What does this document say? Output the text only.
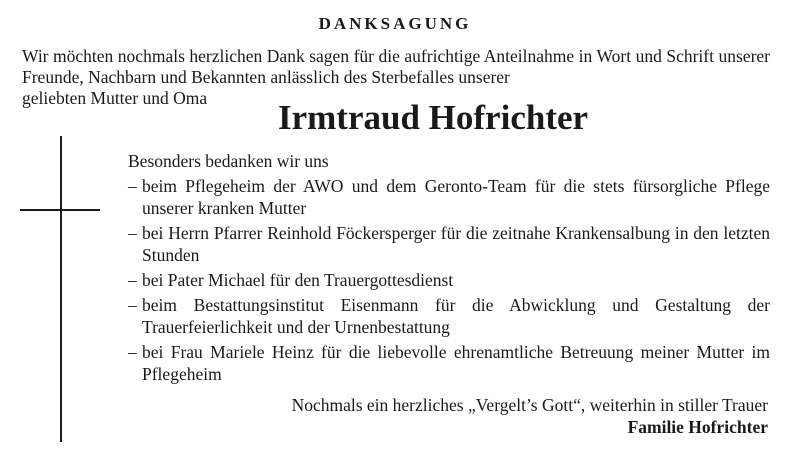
DANKSAGUNG
Wir möchten nochmals herzlichen Dank sagen für die aufrichtige Anteilnahme in Wort und Schrift unserer Freunde, Nachbarn und Bekannten anlässlich des Sterbefalles unserer
geliebten Mutter und Oma Irmtraud Hofrichter

Besonders bedanken wir uns

– beim Pflegeheim der AWO und dem Geronto-Team für die stets fürsorgliche Pflege unserer kranken Mutter
– bei Herrn Pfarrer Reinhold Föckersperger für die zeitnahe Krankensalbung in den letzten Stunden
– bei Pater Michael für den Trauergottesdienst
– beim Bestattungsinstitut Eisenmann für die Abwicklung und Gestaltung der Trauerfeierlichkeit und der Urnenbestattung
– bei Frau Mariele Heinz für die liebevolle ehrenamtliche Betreuung meiner Mutter im Pflegeheim
Nochmals ein herzliches „Vergelt’s Gott“, weiterhin in stiller Trauer
Familie Hofrichter
